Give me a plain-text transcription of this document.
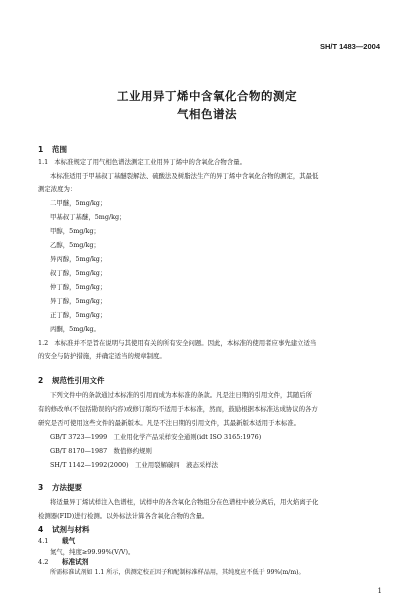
SH/T 1483—2004
工业用异丁烯中含氧化合物的测定
气相色谱法
1	范围
1.1 本标准规定了用气相色谱法测定工业用异丁烯中的含氧化合物含量。
本标准适用于甲基叔丁基醚裂解法、硫酸法及树脂法生产的异丁烯中含氧化合物的测定，其最低
测定浓度为：
二甲醚，5mg/kg；
甲基叔丁基醚，5mg/kg；
甲醇，5mg/kg；
乙醇，5mg/kg；
异丙醇，5mg/kg；
叔丁醇，5mg/kg；
仲丁醇，5mg/kg；
异丁醇，5mg/kg；
正丁醇，5mg/kg；
丙酮，5mg/kg。
1.2 本标准并不是旨在说明与其使用有关的所有安全问题。因此，本标准的使用者应事先建立适当
的安全与防护措施，并确定适当的规章制度。
2	规范性引用文件
下列文件中的条款通过本标准的引用而成为本标准的条款。凡是注日期的引用文件，其随后所
有的修改单(不包括勘误的内容)或修订版均不适用于本标准，然而，鼓励根据本标准达成协议的各方
研究是否可使用这些文件的最新版本。凡是不注日期的引用文件，其最新版本适用于本标准。
GB/T 3723—1999　工业用化学产品采样安全通则(idt ISO 3165:1976)
GB/T 8170—1987　数值修约规则
SH/T 1142—1992(2000)　工业用裂解碳四　液态采样法
3	方法提要
将适量异丁烯试样注入色谱柱，试样中的各含氧化合物组分在色谱柱中被分离后，用火焰离子化
检测器(FID)进行检测。以外标法计算各含氧化合物的含量。
4	试剂与材料
4.1	载气
氮气，纯度≥99.99%(V/V)。
4.2	标准试剂
所需标准试剂如 1.1 所示，供测定校正因子和配制标准样品用，其纯度应不低于 99%(m/m)。
1
